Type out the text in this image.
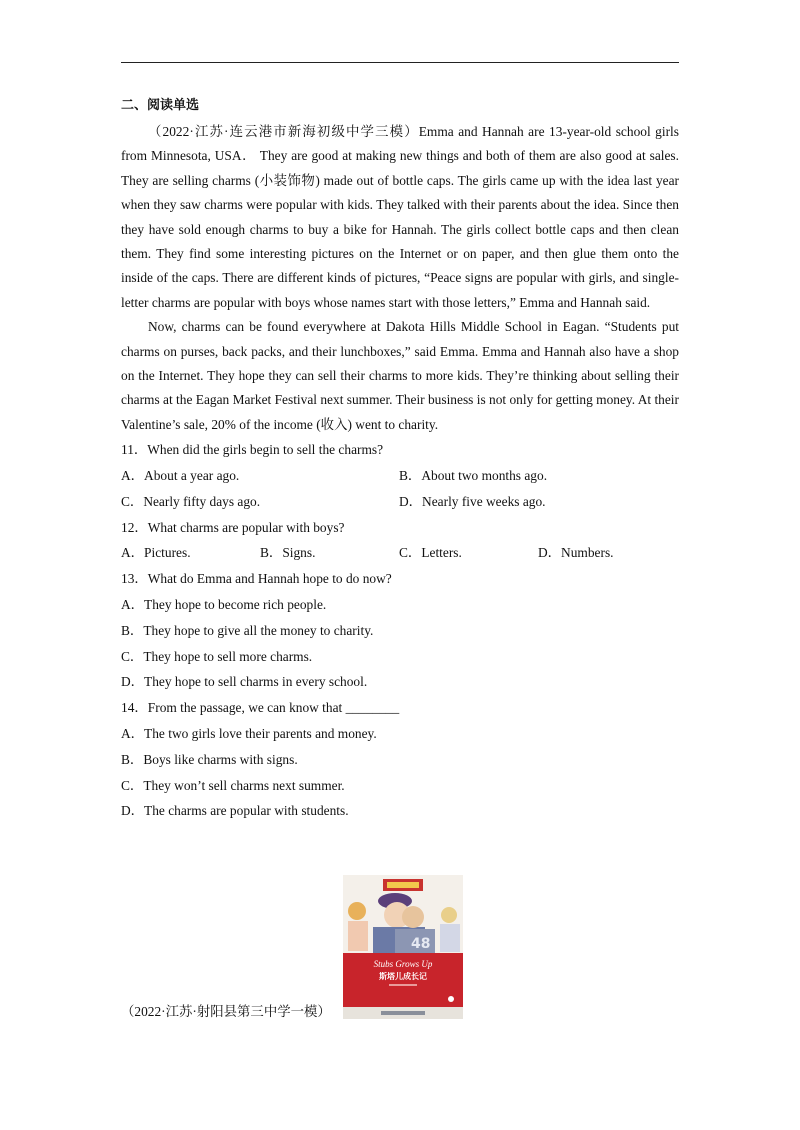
二、阅读单选

（2022·江苏·连云港市新海初级中学三模）Emma and Hannah are 13-year-old school girls from Minnesota, USA． They are good at making new things and both of them are also good at sales. They are selling charms (小装饰物) made out of bottle caps. The girls came up with the idea last year when they saw charms were popular with kids. They talked with their parents about the idea. Since then they have sold enough charms to buy a bike for Hannah. The girls collect bottle caps and then clean them. They find some interesting pictures on the Internet or on paper, and then glue them onto the inside of the caps. There are different kinds of pictures, “Peace signs are popular with girls, and single-letter charms are popular with boys whose names start with those letters,” Emma and Hannah said.

Now, charms can be found everywhere at Dakota Hills Middle School in Eagan. “Students put charms on purses, back packs, and their lunchboxes,” said Emma. Emma and Hannah also have a shop on the Internet. They hope they can sell their charms to more kids. They’re thinking about selling their charms at the Eagan Market Festival next summer. Their business is not only for getting money. At their Valentine’s sale, 20% of the income (收入) went to charity.

11．When did the girls begin to sell the charms?
A．About a year ago.	B．About two months ago.
C．Nearly fifty days ago.	D．Nearly five weeks ago.
12．What charms are popular with boys?
A．Pictures.	B．Signs.	C．Letters.	D．Numbers.
13．What do Emma and Hannah hope to do now?
A．They hope to become rich people.
B．They hope to give all the money to charity.
C．They hope to sell more charms.
D．They hope to sell charms in every school.
14．From the passage, we can know that ________
A．The two girls love their parents and money.
B．Boys like charms with signs.
C．They won’t sell charms next summer.
D．The charms are popular with students.
48
Stubs Grows Up
斯塔儿成长记
（2022·江苏·射阳县第三中学一模）
